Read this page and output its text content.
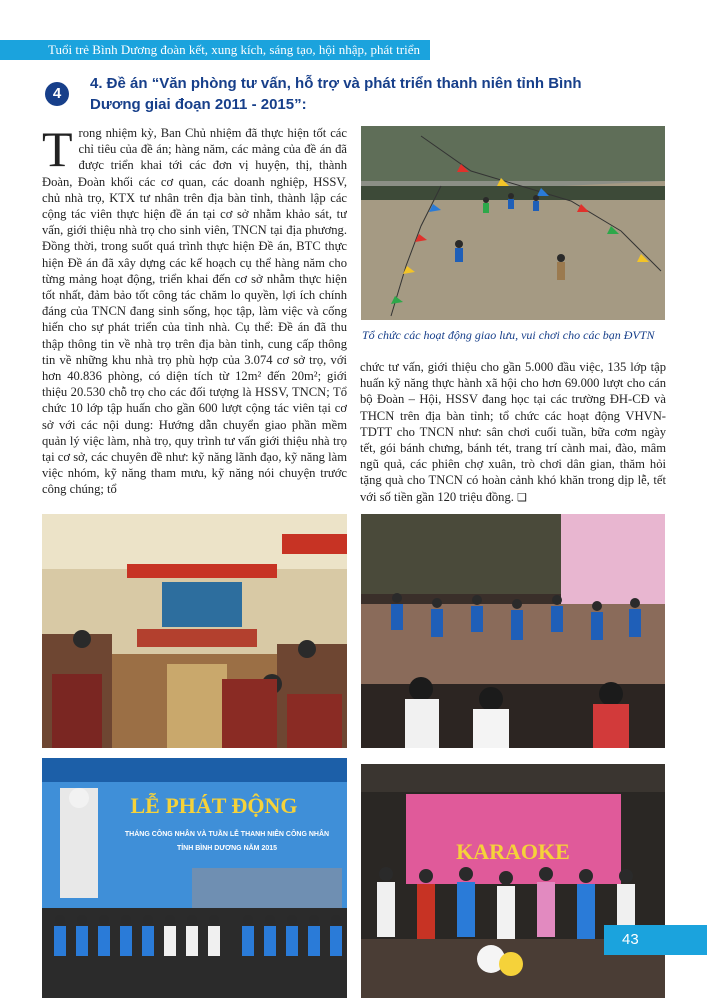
Tuổi trẻ Bình Dương đoàn kết, xung kích, sáng tạo, hội nhập, phát triển
4
4. Đề án “Văn phòng tư vấn, hỗ trợ và phát triển thanh niên tỉnh Bình Dương giai đoạn 2011 - 2015”:
T rong nhiệm kỳ, Ban Chủ nhiệm đã thực hiện tốt các chỉ tiêu của đề án; hàng năm, các mảng của đề án đã được triển khai tới các đơn vị huyện, thị, thành Đoàn, Đoàn khối các cơ quan, các doanh nghiệp, HSSV, chủ nhà trọ, KTX tư nhân trên địa bàn tỉnh, thành lập các cộng tác viên thực hiện đề án tại cơ sở nhằm khảo sát, tư vấn, giới thiệu nhà trọ cho sinh viên, TNCN tại địa phương. Đồng thời, trong suốt quá trình thực hiện Đề án, BTC thực hiện Đề án đã xây dựng các kế hoạch cụ thể hàng năm cho từng mảng hoạt động, triển khai đến cơ sở nhằm thực hiện tốt nhất, đảm bảo tốt công tác chăm lo quyền, lợi ích chính đáng của TNCN đang sinh sống, học tập, làm việc và cống hiến cho sự phát triển của tỉnh nhà. Cụ thể: Đề án đã thu thập thông tin về nhà trọ trên địa bàn tỉnh, cung cấp thông tin về những khu nhà trọ phù hợp của 3.074 cơ sở trọ, với hơn 40.836 phòng, có diện tích từ 12m² đến 20m²; giới thiệu 20.530 chỗ trọ cho các đối tượng là HSSV, TNCN; Tổ chức 10 lớp tập huấn cho gần 600 lượt cộng tác viên tại cơ sở với các nội dung: Hướng dẫn chuyển giao phần mềm quản lý việc làm, nhà trọ, quy trình tư vấn giới thiệu nhà trọ tại cơ sở, các chuyên đề như: kỹ năng lãnh đạo, kỹ năng làm việc nhóm, kỹ năng tham mưu, kỹ năng nói chuyện trước công chúng; tổ
Tổ chức các hoạt động giao lưu, vui chơi cho các bạn ĐVTN
chức tư vấn, giới thiệu cho gần 5.000 đầu việc, 135 lớp tập huấn kỹ năng thực hành xã hội cho hơn 69.000 lượt cho cán bộ Đoàn – Hội, HSSV đang học tại các trường ĐH-CĐ và THCN trên địa bàn tỉnh; tổ chức các hoạt động VHVN-TDTT cho TNCN như: sân chơi cuối tuần, bữa cơm ngày tết, gói bánh chưng, bánh tét, trang trí cành mai, đào, mâm ngũ quả, các phiên chợ xuân, trò chơi dân gian, thăm hỏi tặng quà cho TNCN có hoàn cảnh khó khăn trong dịp lễ, tết với số tiền gần 120 triệu đồng. ❑
LỄ PHÁT ĐỘNG
THÁNG CÔNG NHÂN VÀ TUẦN LỄ THANH NIÊN CÔNG NHÂN
TỈNH BÌNH DƯƠNG NĂM 2015	KARAOKE
43
